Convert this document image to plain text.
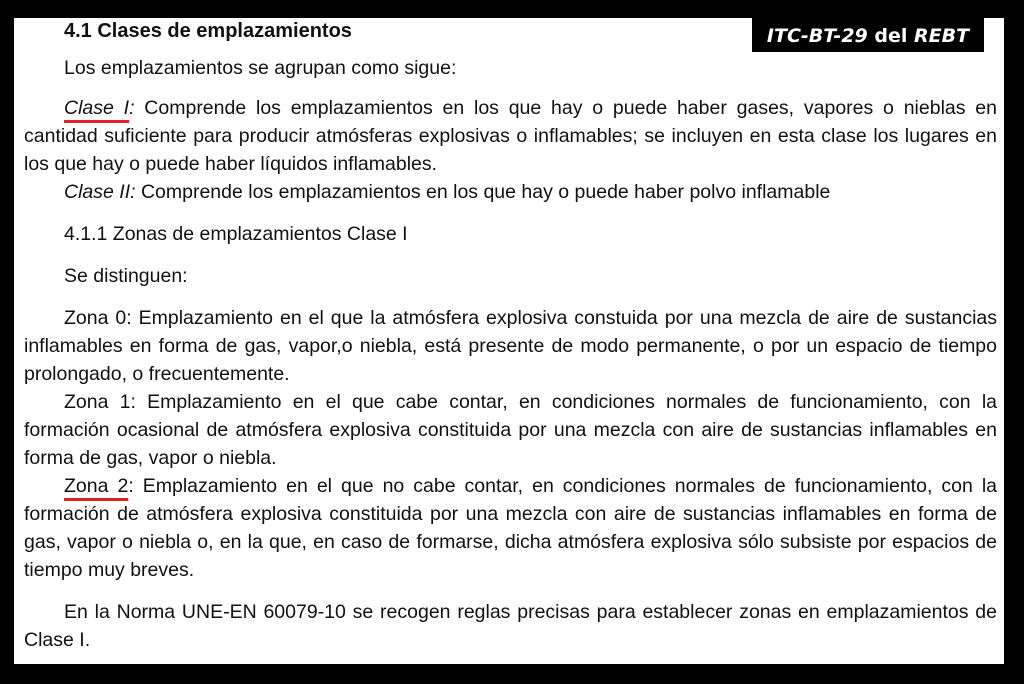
ITC-BT-29 del REBT

4.1 Clases de emplazamientos

Los emplazamientos se agrupan como sigue:

Clase I: Comprende los emplazamientos en los que hay o puede haber gases, vapores o nieblas en cantidad suficiente para producir atmósferas explosivas o inflamables; se incluyen en esta clase los lugares en los que hay o puede haber líquidos inflamables.

Clase II: Comprende los emplazamientos en los que hay o puede haber polvo inflamable

4.1.1 Zonas de emplazamientos Clase I

Se distinguen:

Zona 0: Emplazamiento en el que la atmósfera explosiva constuida por una mezcla de aire de sustancias inflamables en forma de gas, vapor,o niebla, está presente de modo permanente, o por un espacio de tiempo prolongado, o frecuentemente.

Zona 1: Emplazamiento en el que cabe contar, en condiciones normales de funcionamiento, con la formación ocasional de atmósfera explosiva constituida por una mezcla con aire de sustancias inflamables en forma de gas, vapor o niebla.

Zona 2: Emplazamiento en el que no cabe contar, en condiciones normales de funcionamiento, con la formación de atmósfera explosiva constituida por una mezcla con aire de sustancias inflamables en forma de gas, vapor o niebla o, en la que, en caso de formarse, dicha atmósfera explosiva sólo subsiste por espacios de tiempo muy breves.

En la Norma UNE-EN 60079-10 se recogen reglas precisas para establecer zonas en emplazamientos de Clase I.
